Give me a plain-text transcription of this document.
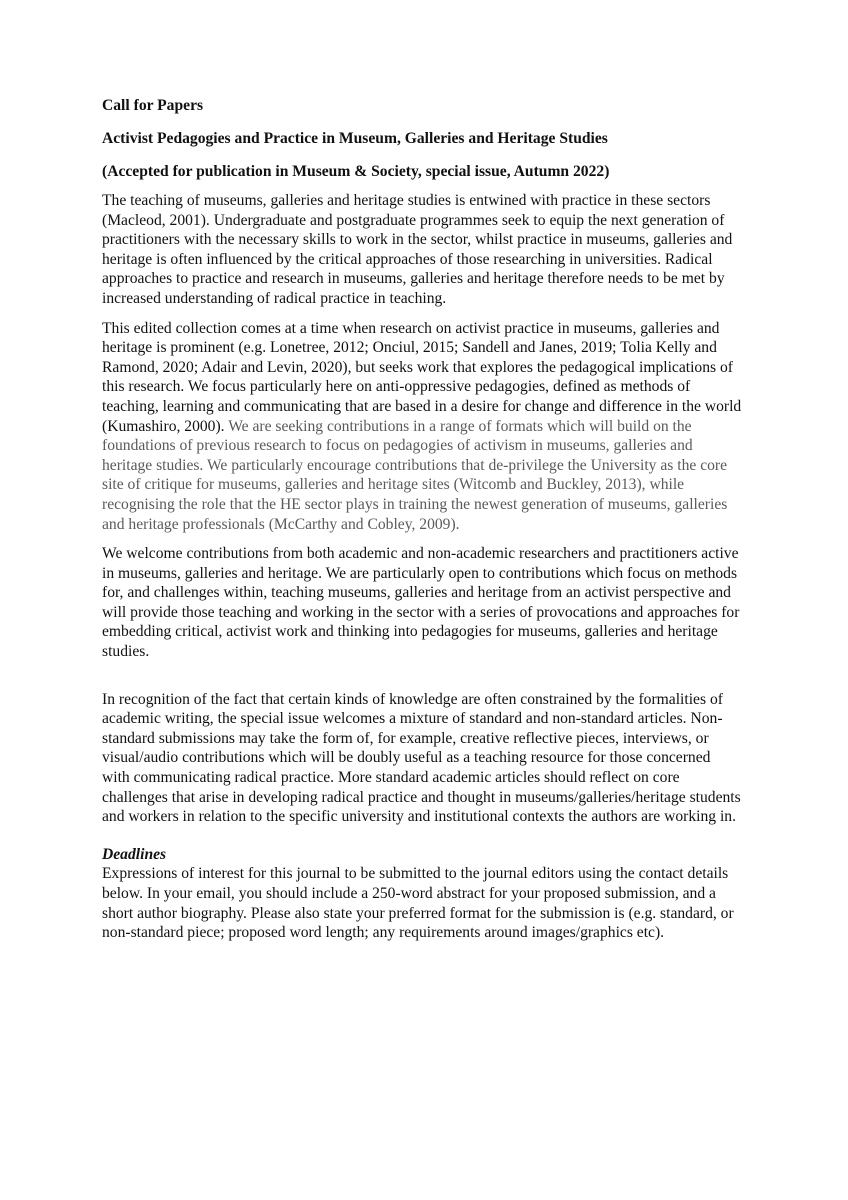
Call for Papers
Activist Pedagogies and Practice in Museum, Galleries and Heritage Studies
(Accepted for publication in Museum & Society, special issue, Autumn 2022)

The teaching of museums, galleries and heritage studies is entwined with practice in these sectors (Macleod, 2001). Undergraduate and postgraduate programmes seek to equip the next generation of practitioners with the necessary skills to work in the sector, whilst practice in museums, galleries and heritage is often influenced by the critical approaches of those researching in universities. Radical approaches to practice and research in museums, galleries and heritage therefore needs to be met by increased understanding of radical practice in teaching.

This edited collection comes at a time when research on activist practice in museums, galleries and heritage is prominent (e.g. Lonetree, 2012; Onciul, 2015; Sandell and Janes, 2019; Tolia Kelly and Ramond, 2020; Adair and Levin, 2020), but seeks work that explores the pedagogical implications of this research. We focus particularly here on anti-oppressive pedagogies, defined as methods of teaching, learning and communicating that are based in a desire for change and difference in the world (Kumashiro, 2000). We are seeking contributions in a range of formats which will build on the foundations of previous research to focus on pedagogies of activism in museums, galleries and heritage studies. We particularly encourage contributions that de-privilege the University as the core site of critique for museums, galleries and heritage sites (Witcomb and Buckley, 2013), while recognising the role that the HE sector plays in training the newest generation of museums, galleries and heritage professionals (McCarthy and Cobley, 2009).

We welcome contributions from both academic and non-academic researchers and practitioners active in museums, galleries and heritage. We are particularly open to contributions which focus on methods for, and challenges within, teaching museums, galleries and heritage from an activist perspective and will provide those teaching and working in the sector with a series of provocations and approaches for embedding critical, activist work and thinking into pedagogies for museums, galleries and heritage studies.

In recognition of the fact that certain kinds of knowledge are often constrained by the formalities of academic writing, the special issue welcomes a mixture of standard and non-standard articles. Non-standard submissions may take the form of, for example, creative reflective pieces, interviews, or visual/audio contributions which will be doubly useful as a teaching resource for those concerned with communicating radical practice. More standard academic articles should reflect on core challenges that arise in developing radical practice and thought in museums/galleries/heritage students and workers in relation to the specific university and institutional contexts the authors are working in.

Deadlines

Expressions of interest for this journal to be submitted to the journal editors using the contact details below. In your email, you should include a 250-word abstract for your proposed submission, and a short author biography. Please also state your preferred format for the submission is (e.g. standard, or non-standard piece; proposed word length; any requirements around images/graphics etc).
